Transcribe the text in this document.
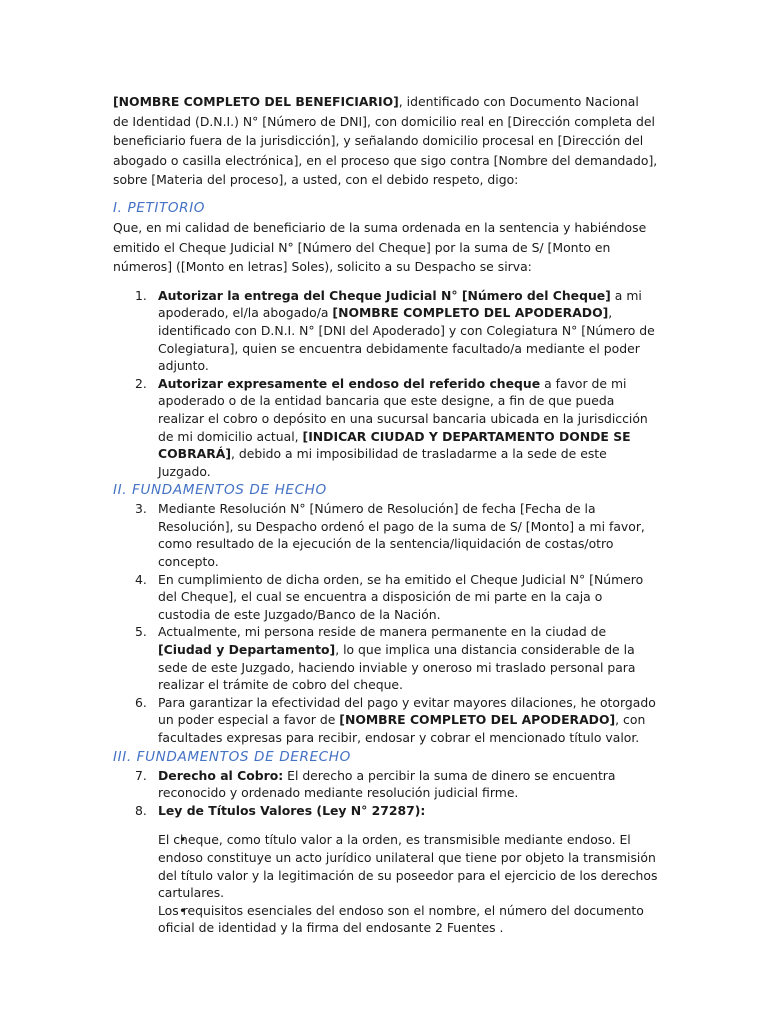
[NOMBRE COMPLETO DEL BENEFICIARIO], identificado con Documento Nacional de Identidad (D.N.I.) N° [Número de DNI], con domicilio real en [Dirección completa del beneficiario fuera de la jurisdicción], y señalando domicilio procesal en [Dirección del abogado o casilla electrónica], en el proceso que sigo contra [Nombre del demandado], sobre [Materia del proceso], a usted, con el debido respeto, digo:

I. PETITORIO

Que, en mi calidad de beneficiario de la suma ordenada en la sentencia y habiéndose emitido el Cheque Judicial N° [Número del Cheque] por la suma de S/ [Monto en números] ([Monto en letras] Soles), solicito a su Despacho se sirva:

1. Autorizar la entrega del Cheque Judicial N° [Número del Cheque] a mi apoderado, el/la abogado/a [NOMBRE COMPLETO DEL APODERADO], identificado con D.N.I. N° [DNI del Apoderado] y con Colegiatura N° [Número de Colegiatura], quien se encuentra debidamente facultado/a mediante el poder adjunto.
2. Autorizar expresamente el endoso del referido cheque a favor de mi apoderado o de la entidad bancaria que este designe, a fin de que pueda realizar el cobro o depósito en una sucursal bancaria ubicada en la jurisdicción de mi domicilio actual, [INDICAR CIUDAD Y DEPARTAMENTO DONDE SE COBRARÁ], debido a mi imposibilidad de trasladarme a la sede de este Juzgado.
II. FUNDAMENTOS DE HECHO
3. Mediante Resolución N° [Número de Resolución] de fecha [Fecha de la Resolución], su Despacho ordenó el pago de la suma de S/ [Monto] a mi favor, como resultado de la ejecución de la sentencia/liquidación de costas/otro concepto.
4. En cumplimiento de dicha orden, se ha emitido el Cheque Judicial N° [Número del Cheque], el cual se encuentra a disposición de mi parte en la caja o custodia de este Juzgado/Banco de la Nación.
5. Actualmente, mi persona reside de manera permanente en la ciudad de [Ciudad y Departamento], lo que implica una distancia considerable de la sede de este Juzgado, haciendo inviable y oneroso mi traslado personal para realizar el trámite de cobro del cheque.
6. Para garantizar la efectividad del pago y evitar mayores dilaciones, he otorgado un poder especial a favor de [NOMBRE COMPLETO DEL APODERADO], con facultades expresas para recibir, endosar y cobrar el mencionado título valor.
III. FUNDAMENTOS DE DERECHO
7. Derecho al Cobro: El derecho a percibir la suma de dinero se encuentra reconocido y ordenado mediante resolución judicial firme.
8. Ley de Títulos Valores (Ley N° 27287):
•
El cheque, como título valor a la orden, es transmisible mediante endoso. El endoso constituye un acto jurídico unilateral que tiene por objeto la transmisión del título valor y la legitimación de su poseedor para el ejercicio de los derechos cartulares.
•
Los requisitos esenciales del endoso son el nombre, el número del documento oficial de identidad y la firma del endosante 2 Fuentes .
